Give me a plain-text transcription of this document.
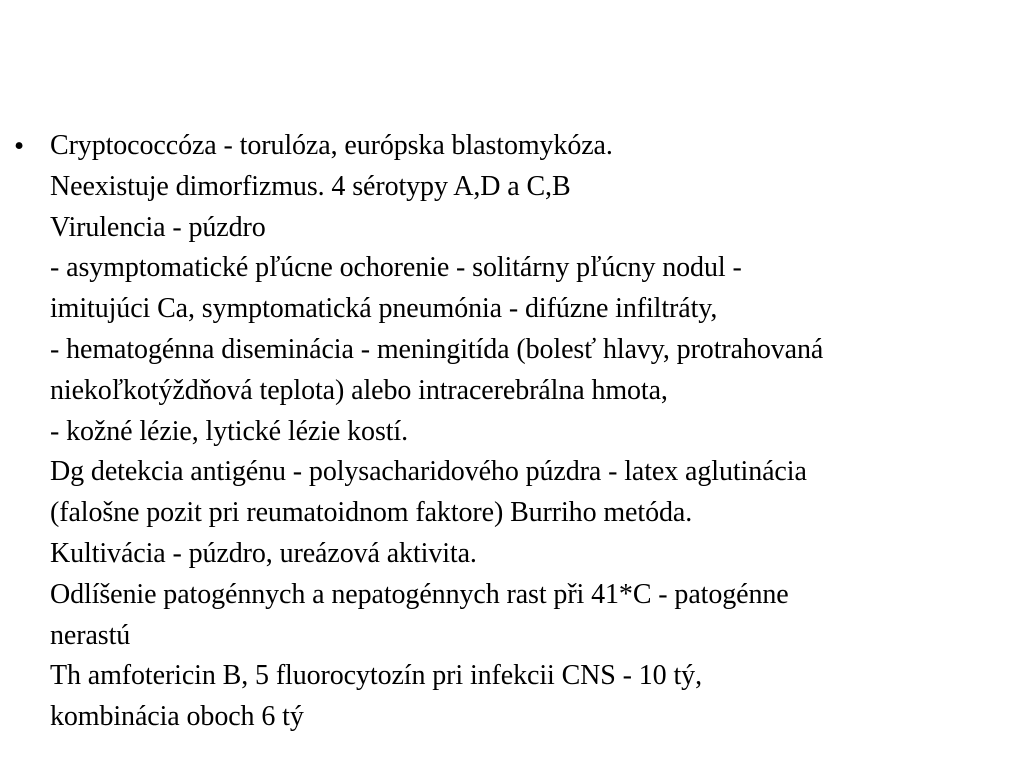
• Cryptococcóza - torulóza, európska blastomykóza.
Neexistuje dimorfizmus. 4 sérotypy A,D a C,B
Virulencia - púzdro
- asymptomatické pľúcne ochorenie - solitárny pľúcny nodul -
imitujúci Ca, symptomatická pneumónia - difúzne infiltráty,
- hematogénna diseminácia - meningitída (bolesť hlavy, protrahovaná
niekoľkotýždňová teplota) alebo intracerebrálna hmota,
- kožné lézie, lytické lézie kostí.
Dg detekcia antigénu - polysacharidového púzdra - latex aglutinácia
(falošne pozit pri reumatoidnom faktore) Burriho metóda.
Kultivácia - púzdro, ureázová aktivita.
Odlíšenie patogénnych a nepatogénnych rast při 41*C - patogénne
nerastú
Th amfotericin B, 5 fluorocytozín pri infekcii CNS - 10 tý,
kombinácia oboch 6 tý
